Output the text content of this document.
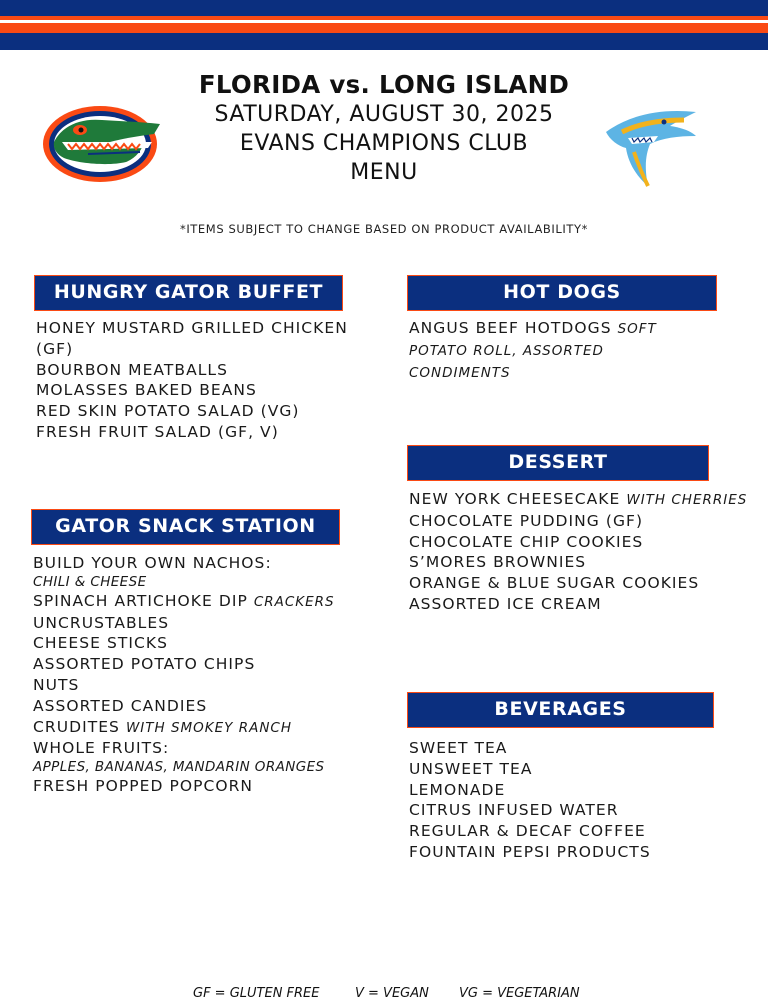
FLORIDA vs. LONG ISLAND
SATURDAY, AUGUST 30, 2025
EVANS CHAMPIONS CLUB
MENU
*ITEMS SUBJECT TO CHANGE BASED ON PRODUCT AVAILABILITY*
HUNGRY GATOR BUFFET
HONEY MUSTARD GRILLED CHICKEN (GF)
BOURBON MEATBALLS
MOLASSES BAKED BEANS
RED SKIN POTATO SALAD (VG)
FRESH FRUIT SALAD (GF, V)
GATOR SNACK STATION
BUILD YOUR OWN NACHOS:
CHILI & CHEESE
SPINACH ARTICHOKE DIP CRACKERS
UNCRUSTABLES
CHEESE STICKS
ASSORTED POTATO CHIPS
NUTS
ASSORTED CANDIES
CRUDITES WITH SMOKEY RANCH
WHOLE FRUITS:
APPLES, BANANAS, MANDARIN ORANGES
FRESH POPPED POPCORN
HOT DOGS
ANGUS BEEF HOTDOGS SOFT POTATO ROLL, ASSORTED CONDIMENTS
DESSERT
NEW YORK CHEESECAKE WITH CHERRIES
CHOCOLATE PUDDING (GF)
CHOCOLATE CHIP COOKIES
S’MORES BROWNIES
ORANGE & BLUE SUGAR COOKIES
ASSORTED ICE CREAM
BEVERAGES
SWEET TEA
UNSWEET TEA
LEMONADE
CITRUS INFUSED WATER
REGULAR & DECAF COFFEE
FOUNTAIN PEPSI PRODUCTS
GF = GLUTEN FREE	V = VEGAN VG = VEGETARIAN
